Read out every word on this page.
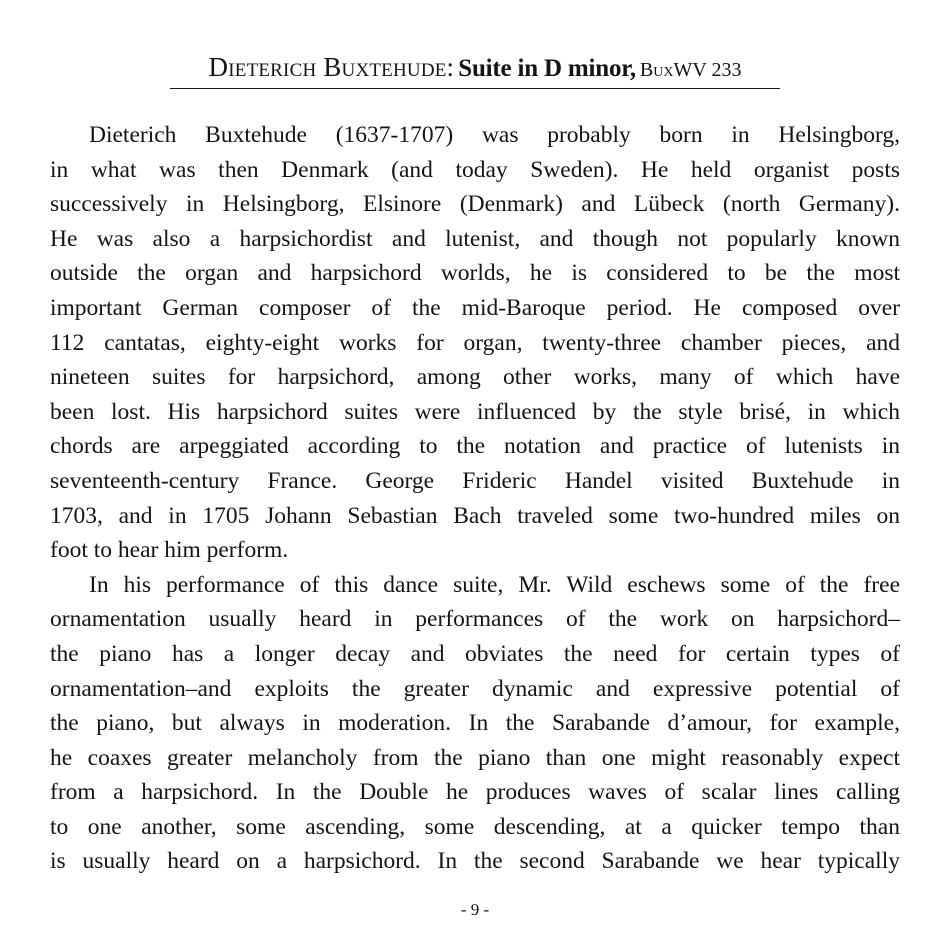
Dieterich Buxtehude: Suite in D minor, BuxWV 233
Dieterich Buxtehude (1637-1707) was probably born in Helsingborg,
in what was then Denmark (and today Sweden). He held organist posts
successively in Helsingborg, Elsinore (Denmark) and Lübeck (north Germany).
He was also a harpsichordist and lutenist, and though not popularly known
outside the organ and harpsichord worlds, he is considered to be the most
important German composer of the mid-Baroque period. He composed over
112 cantatas, eighty-eight works for organ, twenty-three chamber pieces, and
nineteen suites for harpsichord, among other works, many of which have
been lost. His harpsichord suites were influenced by the style brisé, in which
chords are arpeggiated according to the notation and practice of lutenists in
seventeenth-century France. George Frideric Handel visited Buxtehude in
1703, and in 1705 Johann Sebastian Bach traveled some two-hundred miles on
foot to hear him perform.
In his performance of this dance suite, Mr. Wild eschews some of the free
ornamentation usually heard in performances of the work on harpsichord–
the piano has a longer decay and obviates the need for certain types of
ornamentation–and exploits the greater dynamic and expressive potential of
the piano, but always in moderation. In the Sarabande d’amour, for example,
he coaxes greater melancholy from the piano than one might reasonably expect
from a harpsichord. In the Double he produces waves of scalar lines calling
to one another, some ascending, some descending, at a quicker tempo than
is usually heard on a harpsichord. In the second Sarabande we hear typically
- 9 -
